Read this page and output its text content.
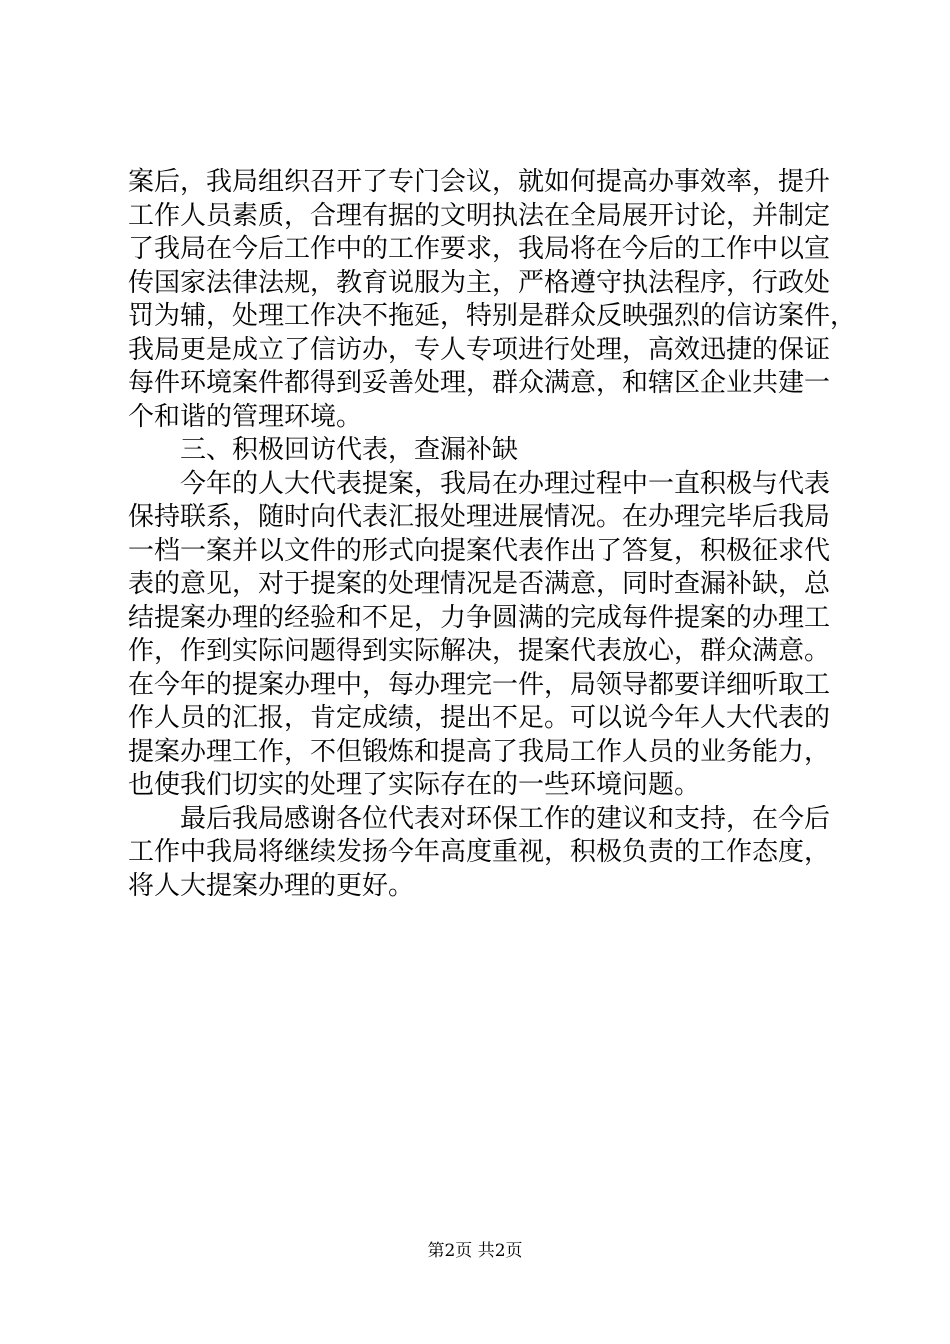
案后，我局组织召开了专门会议，就如何提高办事效率，提升
工作人员素质，合理有据的文明执法在全局展开讨论，并制定
了我局在今后工作中的工作要求，我局将在今后的工作中以宣
传国家法律法规，教育说服为主，严格遵守执法程序，行政处
罚为辅，处理工作决不拖延，特别是群众反映强烈的信访案件，
我局更是成立了信访办，专人专项进行处理，高效迅捷的保证
每件环境案件都得到妥善处理，群众满意，和辖区企业共建一
个和谐的管理环境。
三、积极回访代表，查漏补缺
今年的人大代表提案，我局在办理过程中一直积极与代表
保持联系，随时向代表汇报处理进展情况。在办理完毕后我局
一档一案并以文件的形式向提案代表作出了答复，积极征求代
表的意见，对于提案的处理情况是否满意，同时查漏补缺，总
结提案办理的经验和不足，力争圆满的完成每件提案的办理工
作，作到实际问题得到实际解决，提案代表放心，群众满意。
在今年的提案办理中，每办理完一件，局领导都要详细听取工
作人员的汇报，肯定成绩，提出不足。可以说今年人大代表的
提案办理工作，不但锻炼和提高了我局工作人员的业务能力，
也使我们切实的处理了实际存在的一些环境问题。
最后我局感谢各位代表对环保工作的建议和支持，在今后
工作中我局将继续发扬今年高度重视，积极负责的工作态度，
将人大提案办理的更好。
第2页 共2页
